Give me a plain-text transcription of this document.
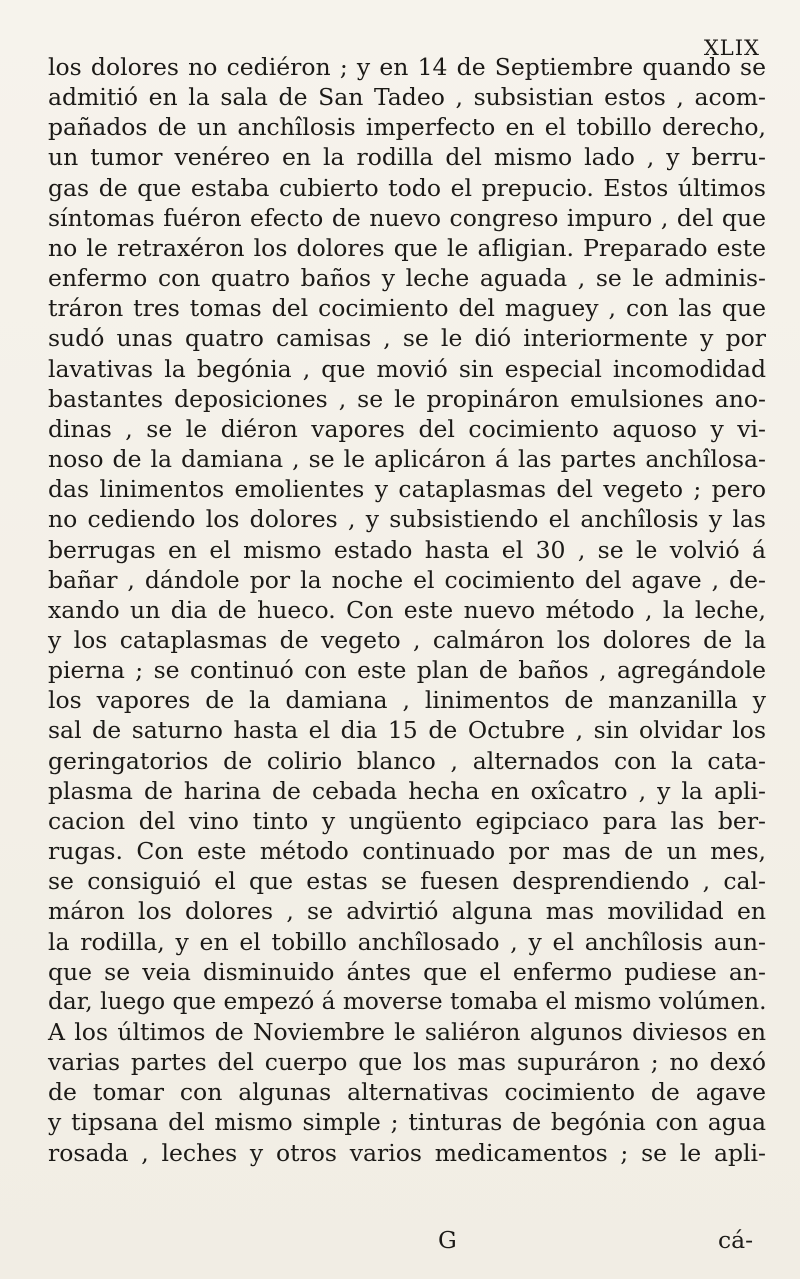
XLIX
los dolores no cediéron ; y en 14 de Septiembre quando se
admitió en la sala de San Tadeo , subsistian estos , acom-
pañados de un anchîlosis imperfecto en el tobillo derecho,
un tumor venéreo en la rodilla del mismo lado , y berru-
gas de que estaba cubierto todo el prepucio. Estos últimos
síntomas fuéron efecto de nuevo congreso impuro , del que
no le retraxéron los dolores que le afligian. Preparado este
enfermo con quatro baños y leche aguada , se le adminis-
tráron tres tomas del cocimiento del maguey , con las que
sudó unas quatro camisas , se le dió interiormente y por
lavativas la begónia , que movió sin especial incomodidad
bastantes deposiciones , se le propináron emulsiones ano-
dinas , se le diéron vapores del cocimiento aquoso y vi-
noso de la damiana , se le aplicáron á las partes anchîlosa-
das linimentos emolientes y cataplasmas del vegeto ; pero
no cediendo los dolores , y subsistiendo el anchîlosis y las
berrugas en el mismo estado hasta el 30 , se le volvió á
bañar , dándole por la noche el cocimiento del agave , de-
xando un dia de hueco. Con este nuevo método , la leche,
y los cataplasmas de vegeto , calmáron los dolores de la
pierna ; se continuó con este plan de baños , agregándole
los vapores de la damiana , linimentos de manzanilla y
sal de saturno hasta el dia 15 de Octubre , sin olvidar los
geringatorios de colirio blanco , alternados con la cata-
plasma de harina de cebada hecha en oxîcatro , y la apli-
cacion del vino tinto y ungüento egipciaco para las ber-
rugas. Con este método continuado por mas de un mes,
se consiguió el que estas se fuesen desprendiendo , cal-
máron los dolores , se advirtió alguna mas movilidad en
la rodilla, y en el tobillo anchîlosado , y el anchîlosis aun-
que se veia disminuido ántes que el enfermo pudiese an-
dar, luego que empezó á moverse tomaba el mismo volúmen.
A los últimos de Noviembre le saliéron algunos diviesos en
varias partes del cuerpo que los mas supuráron ; no dexó
de tomar con algunas alternativas cocimiento de agave
y tipsana del mismo simple ; tinturas de begónia con agua
rosada , leches y otros varios medicamentos ; se le apli-
G	cá-
